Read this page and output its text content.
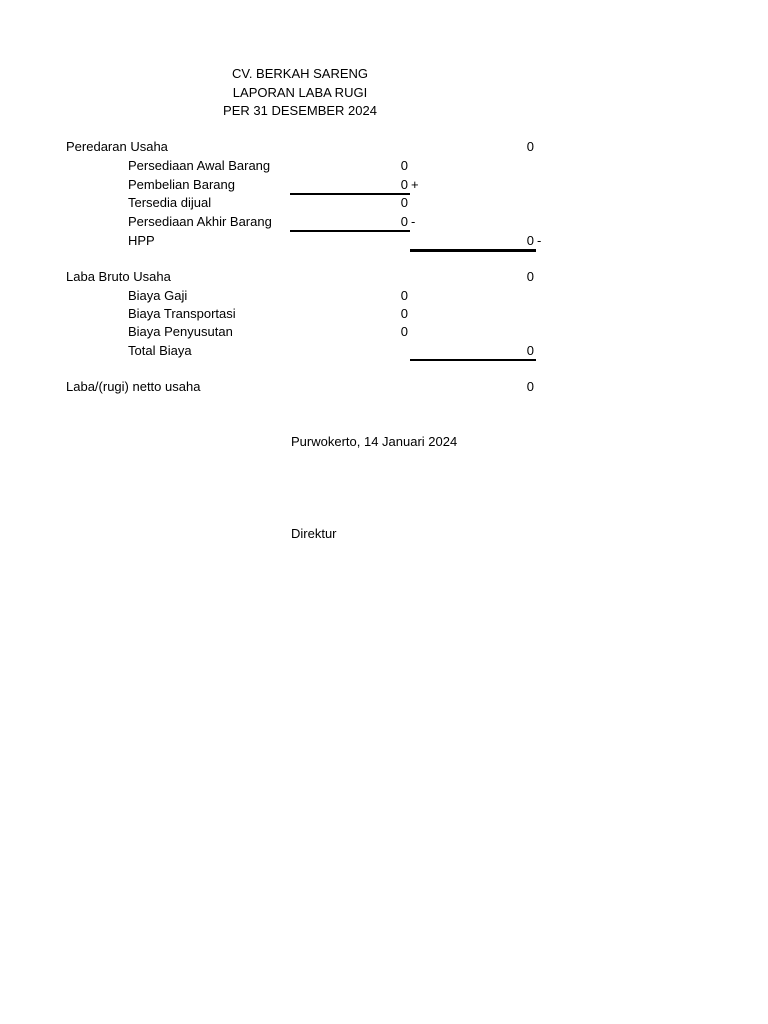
CV. BERKAH SARENG
LAPORAN LABA RUGI
PER 31 DESEMBER 2024
Peredaran Usaha	0
Persediaan Awal Barang	0
Pembelian Barang	0 +
Tersedia dijual	0
Persediaan Akhir Barang	0 -
HPP	0 -
Laba Bruto Usaha	0
Biaya Gaji	0
Biaya Transportasi	0
Biaya Penyusutan	0
Total Biaya	0
Laba/(rugi) netto usaha	0
Purwokerto, 14 Januari 2024
Direktur
